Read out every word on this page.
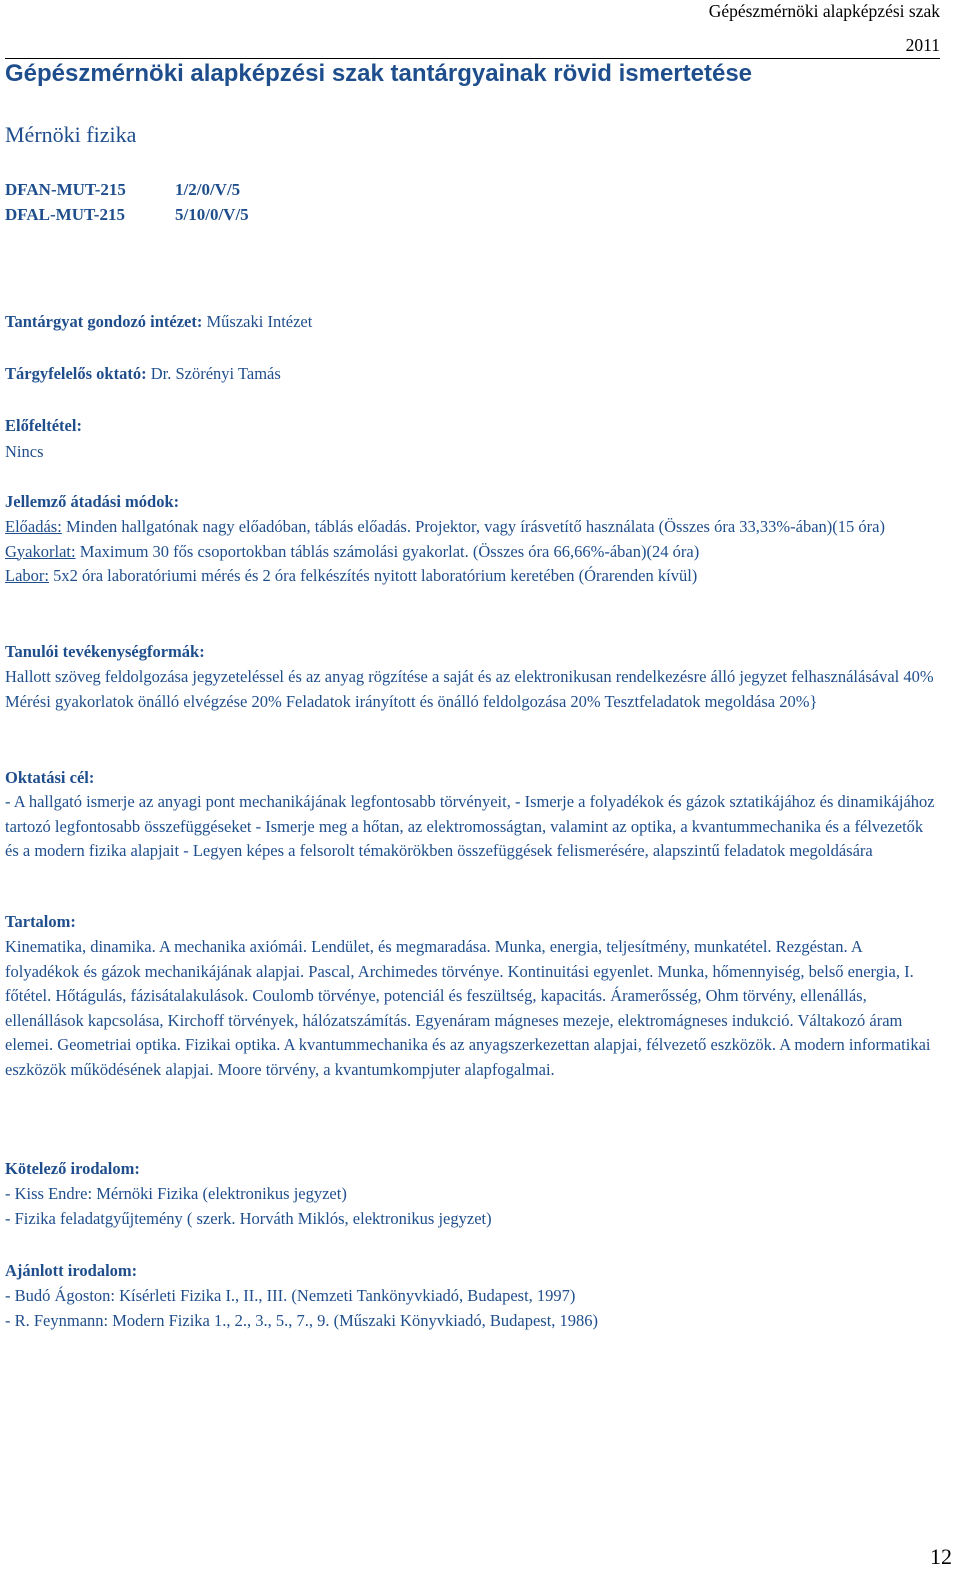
Gépészmérnöki alapképzési szak
2011
Gépészmérnöki alapképzési szak tantárgyainak rövid ismertetése
Mérnöki fizika
DFAN-MUT-215	1/2/0/V/5
DFAL-MUT-215	5/10/0/V/5
Tantárgyat gondozó intézet: Műszaki Intézet
Tárgyfelelős oktató: Dr. Szörényi Tamás
Előfeltétel:
Nincs
Jellemző átadási módok:

Előadás: Minden hallgatónak nagy előadóban, táblás előadás. Projektor, vagy írásvetítő használata (Összes óra 33,33%-ában)(15 óra)

Gyakorlat: Maximum 30 fős csoportokban táblás számolási gyakorlat. (Összes óra 66,66%-ában)(24 óra)

Labor: 5x2 óra laboratóriumi mérés és 2 óra felkészítés nyitott laboratórium keretében (Órarenden kívül)

Tanulói tevékenységformák:
Hallott szöveg feldolgozása jegyzeteléssel és az anyag rögzítése a saját és az elektronikusan rendelkezésre álló jegyzet felhasználásával 40% Mérési gyakorlatok önálló elvégzése 20% Feladatok irányított és önálló feldolgozása 20% Tesztfeladatok megoldása 20%}
Oktatási cél:
- A hallgató ismerje az anyagi pont mechanikájának legfontosabb törvényeit, - Ismerje a folyadékok és gázok sztatikájához és dinamikájához tartozó legfontosabb összefüggéseket - Ismerje meg a hőtan, az elektromosságtan, valamint az optika, a kvantummechanika és a félvezetők és a modern fizika alapjait - Legyen képes a felsorolt témakörökben összefüggések felismerésére, alapszintű feladatok megoldására
Tartalom:
Kinematika, dinamika. A mechanika axiómái. Lendület, és megmaradása. Munka, energia, teljesítmény, munkatétel. Rezgéstan. A folyadékok és gázok mechanikájának alapjai. Pascal, Archimedes törvénye. Kontinuitási egyenlet. Munka, hőmennyiség, belső energia, I. főtétel. Hőtágulás, fázisátalakulások. Coulomb törvénye, potenciál és feszültség, kapacitás. Áramerősség, Ohm törvény, ellenállás, ellenállások kapcsolása, Kirchoff törvények, hálózatszámítás. Egyenáram mágneses mezeje, elektromágneses indukció. Váltakozó áram elemei. Geometriai optika. Fizikai optika. A kvantummechanika és az anyagszerkezettan alapjai, félvezető eszközök. A modern informatikai eszközök működésének alapjai. Moore törvény, a kvantumkompjuter alapfogalmai.
Kötelező irodalom:

- Kiss Endre: Mérnöki Fizika (elektronikus jegyzet)

- Fizika feladatgyűjtemény ( szerk. Horváth Miklós, elektronikus jegyzet)

Ajánlott irodalom:

- Budó Ágoston: Kísérleti Fizika I., II., III. (Nemzeti Tankönyvkiadó, Budapest, 1997)

- R. Feynmann: Modern Fizika 1., 2., 3., 5., 7., 9. (Műszaki Könyvkiadó, Budapest, 1986)

12
